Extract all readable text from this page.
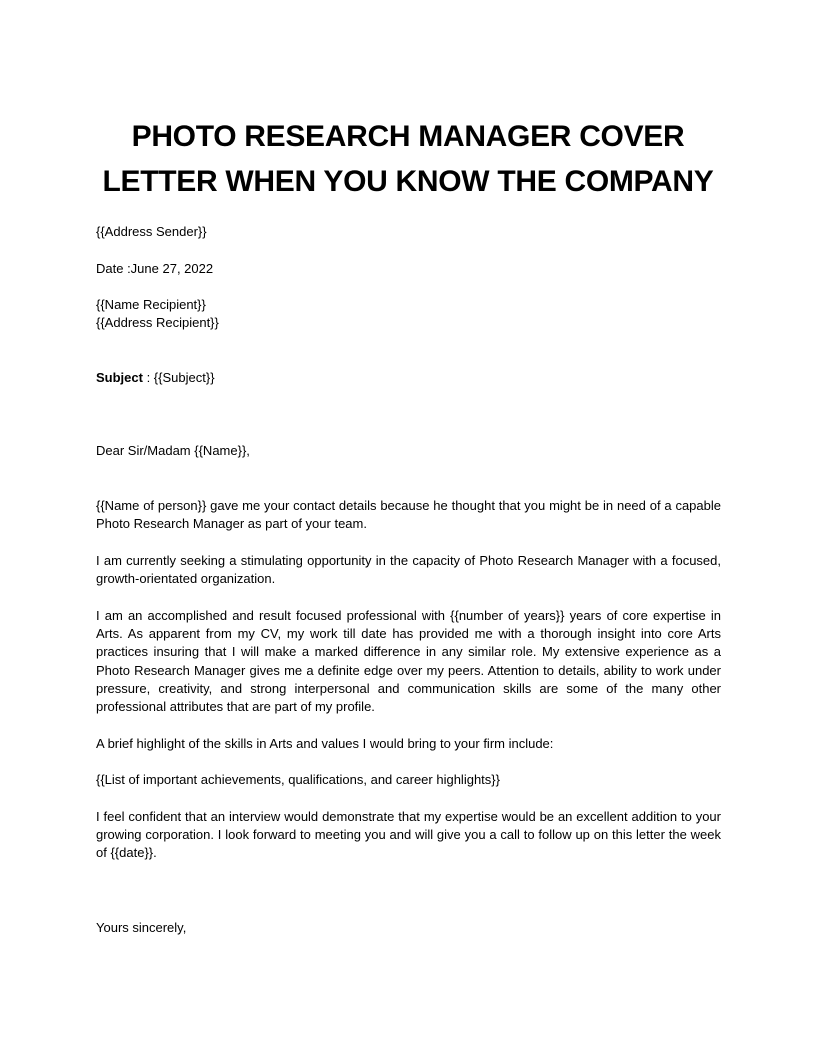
PHOTO RESEARCH MANAGER COVER
LETTER WHEN YOU KNOW THE COMPANY

{{Address Sender}}

Date :June 27, 2022

{{Name Recipient}}
{{Address Recipient}}

Subject : {{Subject}}

Dear Sir/Madam {{Name}},

{{Name of person}} gave me your contact details because he thought that you might be in need of a capable Photo Research Manager as part of your team.

I am currently seeking a stimulating opportunity in the capacity of Photo Research Manager with a focused, growth-orientated organization.

I am an accomplished and result focused professional with {{number of years}} years of core expertise in Arts. As apparent from my CV, my work till date has provided me with a thorough insight into core Arts practices insuring that I will make a marked difference in any similar role. My extensive experience as a Photo Research Manager gives me a definite edge over my peers. Attention to details, ability to work under pressure, creativity, and strong interpersonal and communication skills are some of the many other professional attributes that are part of my profile.

A brief highlight of the skills in Arts and values I would bring to your firm include:

{{List of important achievements, qualifications, and career highlights}}

I feel confident that an interview would demonstrate that my expertise would be an excellent addition to your growing corporation. I look forward to meeting you and will give you a call to follow up on this letter the week of {{date}}.

Yours sincerely,
